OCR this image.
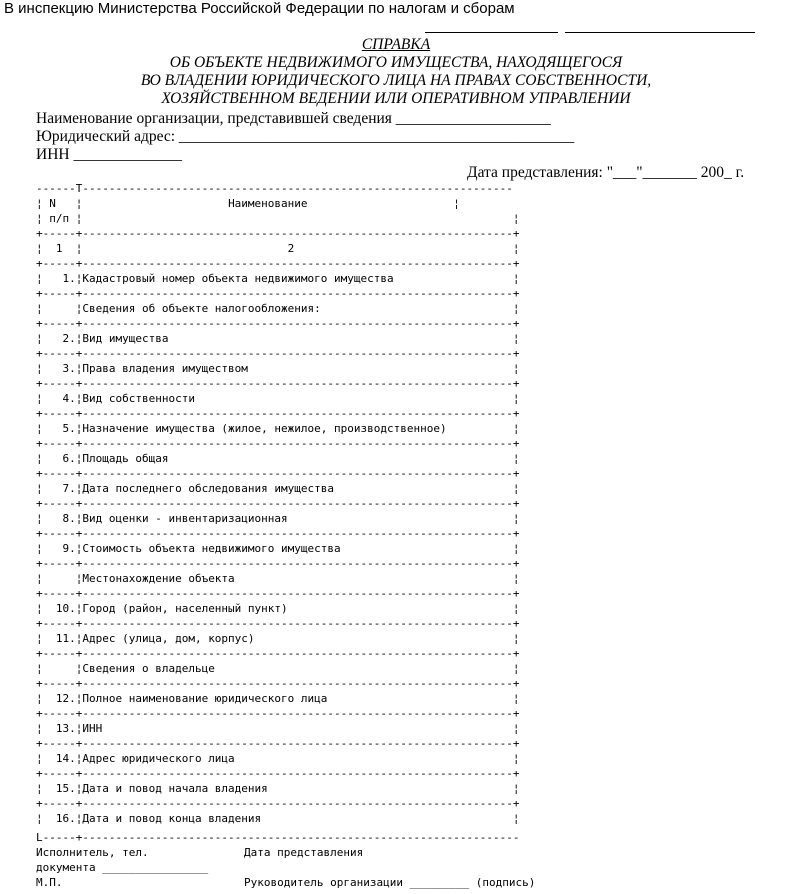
В инспекцию Министерства Российской Федерации по налогам и сборам
СПРАВКА
ОБ ОБЪЕКТЕ НЕДВИЖИМОГО ИМУЩЕСТВА, НАХОДЯЩЕГОСЯ
ВО ВЛАДЕНИИ ЮРИДИЧЕСКОГО ЛИЦА НА ПРАВАХ СОБСТВЕННОСТИ,
ХОЗЯЙСТВЕННОМ ВЕДЕНИИ ИЛИ ОПЕРАТИВНОМ УПРАВЛЕНИИ
Наименование организации, представившей сведения ____________________
Юридический адрес: ___________________________________________________
ИНН ______________
Дата представления: "___"_______ 200_ г.
------T-----------------------------------------------------------------
¦ N   ¦                      Наименование                      ¦
¦ п/п ¦                                                                 ¦
+-----+-----------------------------------------------------------------+
¦  1  ¦                               2                                 ¦
+-----+-----------------------------------------------------------------+
¦ 1.¦Кадастровый номер объекта недвижимого имущества	¦
+-----+-----------------------------------------------------------------+
¦	¦Сведения об объекте налогообложения:	¦
+-----+-----------------------------------------------------------------+
¦ 2.¦Вид имущества	¦
+-----+-----------------------------------------------------------------+
¦ 3.¦Права владения имуществом	¦
+-----+-----------------------------------------------------------------+
¦ 4.¦Вид собственности	¦
+-----+-----------------------------------------------------------------+
¦ 5.¦Назначение имущества (жилое, нежилое, производственное)	¦
+-----+-----------------------------------------------------------------+
¦ 6.¦Площадь общая	¦
+-----+-----------------------------------------------------------------+
¦ 7.¦Дата последнего обследования имущества	¦
+-----+-----------------------------------------------------------------+
¦ 8.¦Вид оценки - инвентаризационная	¦
+-----+-----------------------------------------------------------------+
¦ 9.¦Стоимость объекта недвижимого имущества	¦
+-----+-----------------------------------------------------------------+
¦	¦Местонахождение объекта	¦
+-----+-----------------------------------------------------------------+
¦ 10.¦Город (район, населенный пункт)	¦
+-----+-----------------------------------------------------------------+
¦ 11.¦Адрес (улица, дом, корпус)	¦
+-----+-----------------------------------------------------------------+
¦	¦Сведения о владельце	¦
+-----+-----------------------------------------------------------------+
¦ 12.¦Полное наименование юридического лица	¦
+-----+-----------------------------------------------------------------+
¦ 13.¦ИНН	¦
+-----+-----------------------------------------------------------------+
¦ 14.¦Адрес юридического лица	¦
+-----+-----------------------------------------------------------------+
¦ 15.¦Дата и повод начала владения	¦
+-----+-----------------------------------------------------------------+
¦ 16.¦Дата и повод конца владения	¦
L-----+------------------------------------------------------------------
Исполнитель, тел.	Дата представления
документа ________________
М.П.	Руководитель организации _________ (подпись)
